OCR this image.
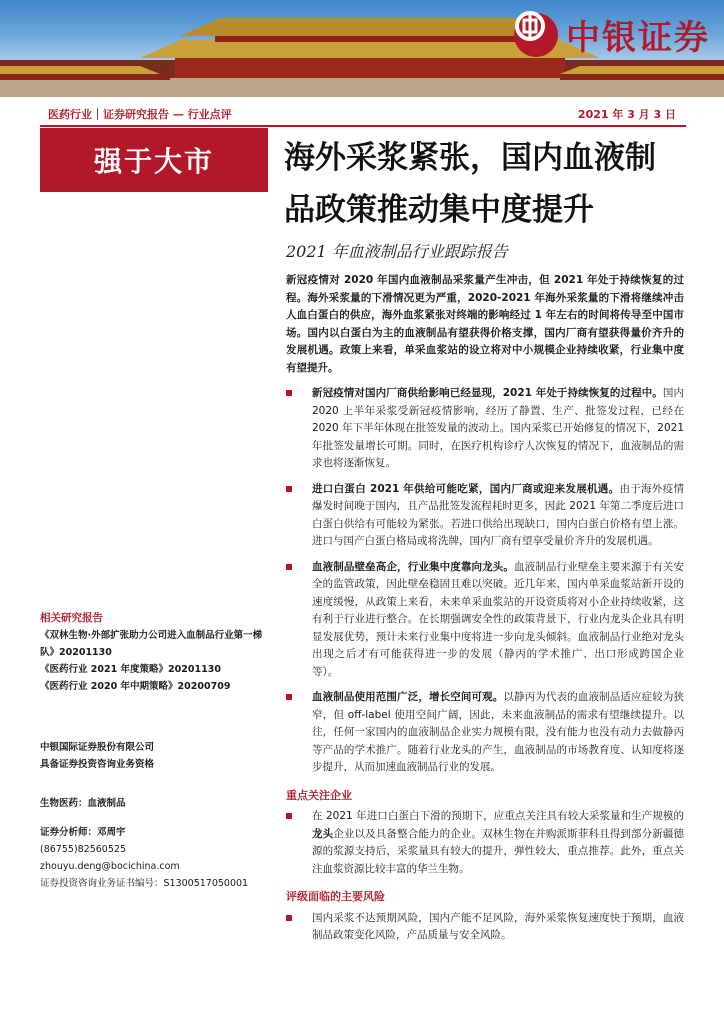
中银证券
医药行业｜证券研究报告 — 行业点评	2021 年 3 月 3 日
强于大市 海外采浆紧张，国内血液制
品政策推动集中度提升
2021 年血液制品行业跟踪报告

新冠疫情对 2020 年国内血液制品采浆量产生冲击，但 2021 年处于持续恢复的过程。海外采浆量的下滑情况更为严重，2020-2021 年海外采浆量的下滑将继续冲击人血白蛋白的供应，海外血浆紧张对终端的影响经过 1 年左右的时间将传导至中国市场。国内以白蛋白为主的血液制品有望获得价格支撑，国内厂商有望获得量价齐升的发展机遇。政策上来看，单采血浆站的设立将对中小规模企业持续收紧，行业集中度有望提升。

新冠疫情对国内厂商供给影响已经显现，2021 年处于持续恢复的过程中。国内 2020 上半年采浆受新冠疫情影响，经历了静置、生产、批签发过程，已经在 2020 年下半年体现在批签发量的波动上。国内采浆已开始修复的情况下，2021 年批签发量增长可期。同时，在医疗机构诊疗人次恢复的情况下，血液制品的需求也将逐渐恢复。

进口白蛋白 2021 年供给可能吃紧，国内厂商或迎来发展机遇。由于海外疫情爆发时间晚于国内，且产品批签发流程耗时更多，因此 2021 年第二季度后进口白蛋白供给有可能较为紧张。若进口供给出现缺口，国内白蛋白价格有望上涨。进口与国产白蛋白格局或将洗牌，国内厂商有望享受量价齐升的发展机遇。

血液制品壁垒高企，行业集中度靠向龙头。血液制品行业壁垒主要来源于有关安全的监管政策，因此壁垒稳固且难以突破。近几年来，国内单采血浆站新开设的速度缓慢，从政策上来看，未来单采血浆站的开设资质将对小企业持续收紧，这有利于行业进行整合。在长期强调安全性的政策背景下，行业内龙头企业具有明显发展优势，预计未来行业集中度将进一步向龙头倾斜。血液制品行业绝对龙头出现之后才有可能获得进一步的发展（静丙的学术推广、出口形成跨国企业等）。

血液制品使用范围广泛，增长空间可观。以静丙为代表的血液制品适应症较为狭窄，但 off-label 使用空间广阔，因此，未来血液制品的需求有望继续提升。以往，任何一家国内的血液制品企业实力规模有限，没有能力也没有动力去做静丙等产品的学术推广。随着行业龙头的产生，血液制品的市场教育度、认知度将逐步提升，从而加速血液制品行业的发展。

重点关注企业

在 2021 年进口白蛋白下滑的预期下，应重点关注具有较大采浆量和生产规模的龙头企业以及具备整合能力的企业。双林生物在并购派斯菲科且得到部分新疆德源的浆源支持后，采浆量具有较大的提升，弹性较大，重点推荐。此外，重点关注血浆资源比较丰富的华兰生物。

评级面临的主要风险

国内采浆不达预期风险，国内产能不足风险，海外采浆恢复速度快于预期，血液制品政策变化风险，产品质量与安全风险。

相关研究报告
《双林生物·外部扩张助力公司进入血制品行业第一梯队》20201130
《医药行业 2021 年度策略》20201130
《医药行业 2020 年中期策略》20200709
中银国际证券股份有限公司
具备证券投资咨询业务资格
生物医药：血液制品
证券分析师：邓周宇
(86755)82560525
zhouyu.deng@bocichina.com
证券投资咨询业务证书编号：S1300517050001
